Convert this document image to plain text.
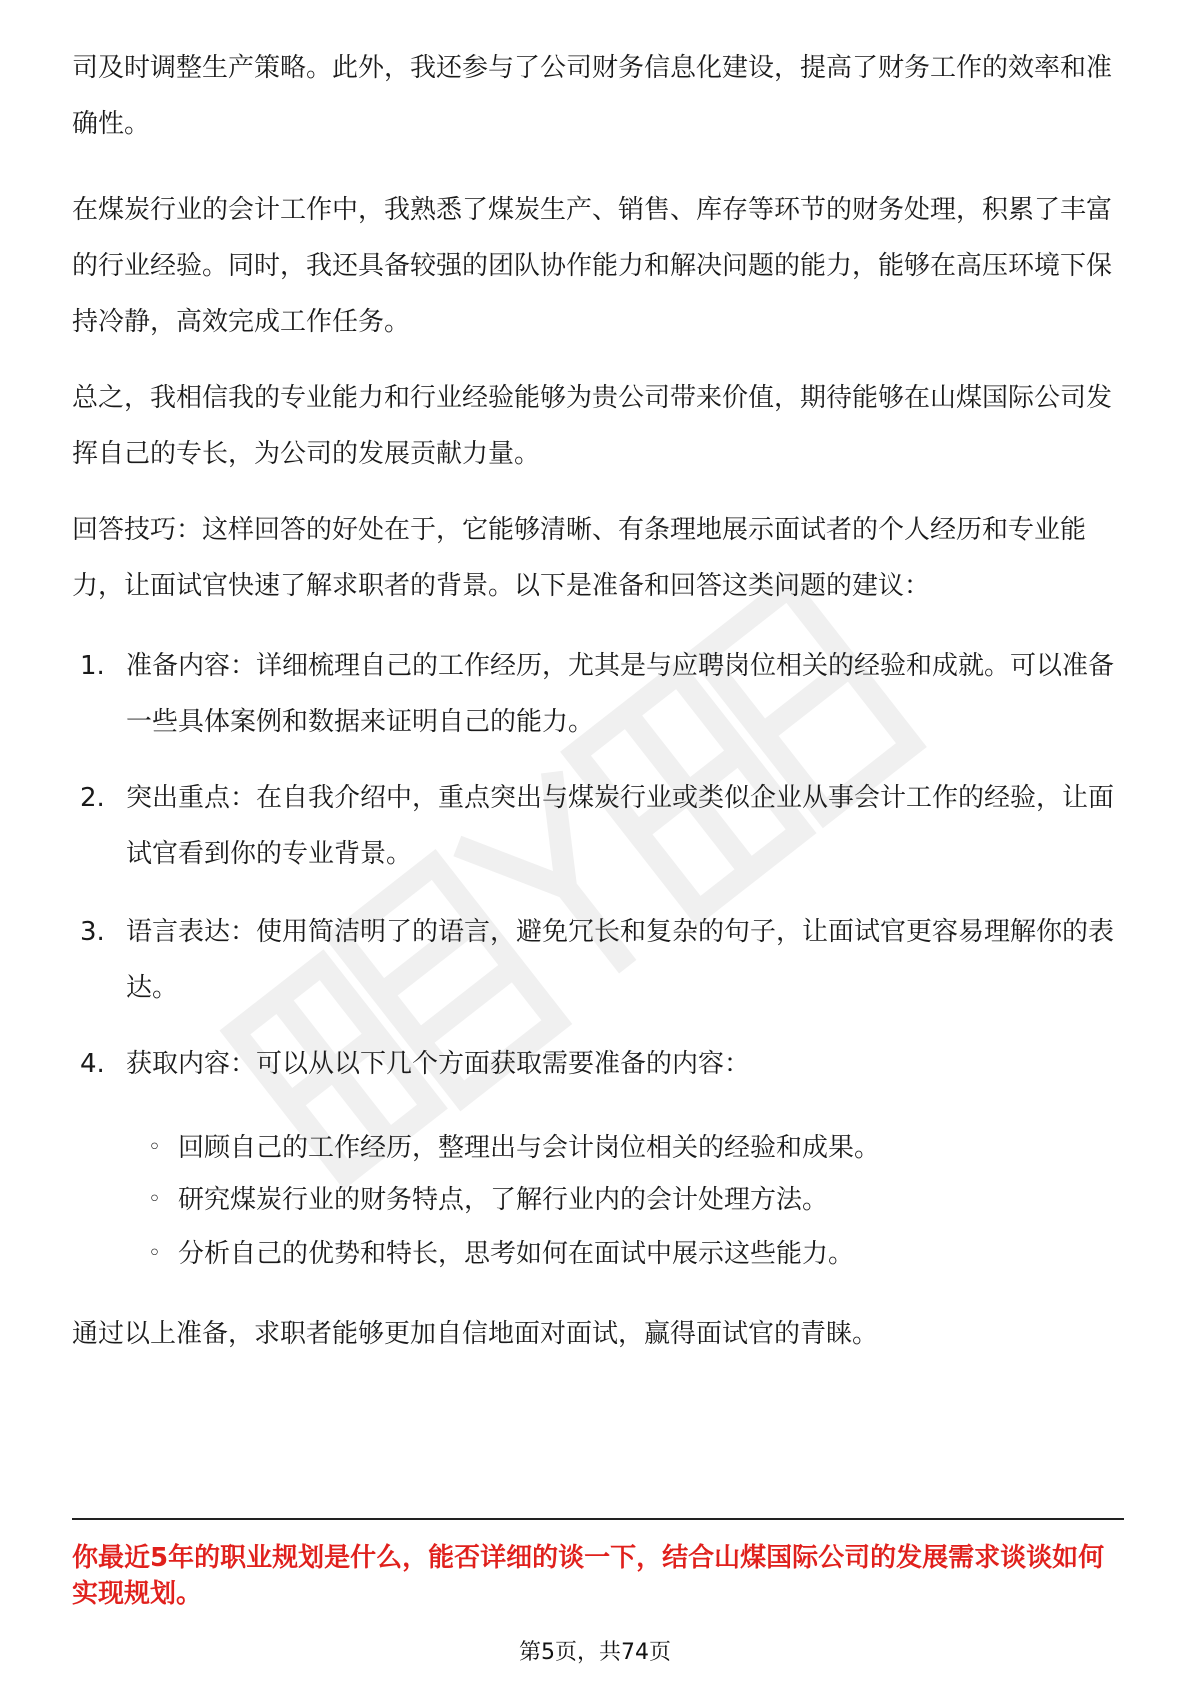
司及时调整生产策略。此外，我还参与了公司财务信息化建设，提高了财务工作的效率和准确性。

在煤炭行业的会计工作中，我熟悉了煤炭生产、销售、库存等环节的财务处理，积累了丰富的行业经验。同时，我还具备较强的团队协作能力和解决问题的能力，能够在高压环境下保持冷静，高效完成工作任务。

总之，我相信我的专业能力和行业经验能够为贵公司带来价值，期待能够在山煤国际公司发挥自己的专长，为公司的发展贡献力量。

回答技巧：这样回答的好处在于，它能够清晰、有条理地展示面试者的个人经历和专业能力，让面试官快速了解求职者的背景。以下是准备和回答这类问题的建议：

1. 准备内容：详细梳理自己的工作经历，尤其是与应聘岗位相关的经验和成就。可以准备一些具体案例和数据来证明自己的能力。

2. 突出重点：在自我介绍中，重点突出与煤炭行业或类似企业从事会计工作的经验，让面试官看到你的专业背景。

3. 语言表达：使用简洁明了的语言，避免冗长和复杂的句子，让面试官更容易理解你的表达。

4. 获取内容：可以从以下几个方面获取需要准备的内容：

◦ 回顾自己的工作经历，整理出与会计岗位相关的经验和成果。

◦ 研究煤炭行业的财务特点，了解行业内的会计处理方法。

◦ 分析自己的优势和特长，思考如何在面试中展示这些能力。

通过以上准备，求职者能够更加自信地面对面试，赢得面试官的青睐。

你最近5年的职业规划是什么，能否详细的谈一下，结合山煤国际公司的发展需求谈谈如何实现规划。

第5页，共74页
